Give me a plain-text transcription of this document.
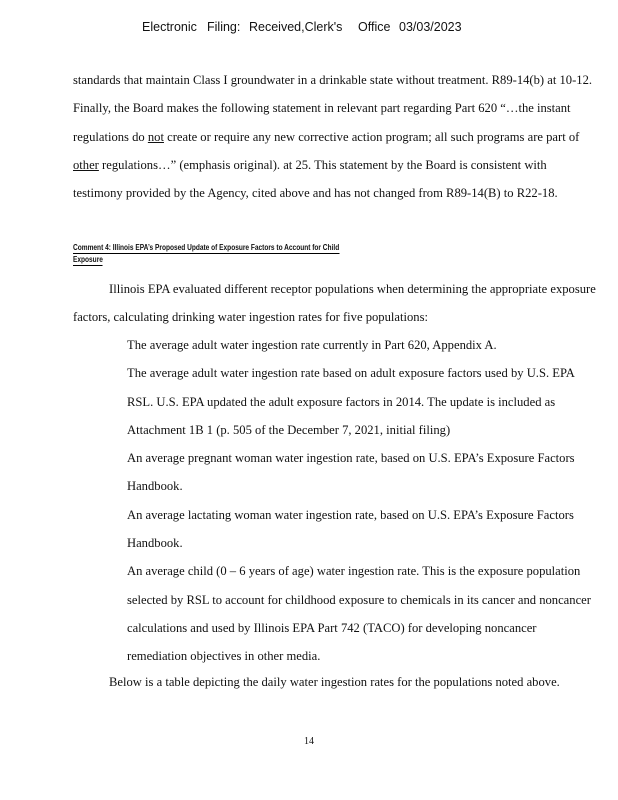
Electronic Filing: Received,Clerk's Office 03/03/2023
standards that maintain Class I groundwater in a drinkable state without treatment. R89-14(b) at 10-12. Finally, the Board makes the following statement in relevant part regarding Part 620 “…the instant regulations do not create or require any new corrective action program; all such programs are part of other regulations…” (emphasis original). at 25. This statement by the Board is consistent with testimony provided by the Agency, cited above and has not changed from R89-14(B) to R22-18.
Comment 4: Illinois EPA’s Proposed Update of Exposure Factors to Account for Child
Exposure
Illinois EPA evaluated different receptor populations when determining the appropriate exposure factors, calculating drinking water ingestion rates for five populations:
The average adult water ingestion rate currently in Part 620, Appendix A.
The average adult water ingestion rate based on adult exposure factors used by U.S. EPA RSL. U.S. EPA updated the adult exposure factors in 2014. The update is included as Attachment 1B 1 (p. 505 of the December 7, 2021, initial filing)
An average pregnant woman water ingestion rate, based on U.S. EPA’s Exposure Factors Handbook.
An average lactating woman water ingestion rate, based on U.S. EPA’s Exposure Factors Handbook.
An average child (0 – 6 years of age) water ingestion rate. This is the exposure population selected by RSL to account for childhood exposure to chemicals in its cancer and noncancer calculations and used by Illinois EPA Part 742 (TACO) for developing noncancer remediation objectives in other media.
Below is a table depicting the daily water ingestion rates for the populations noted above.
14
